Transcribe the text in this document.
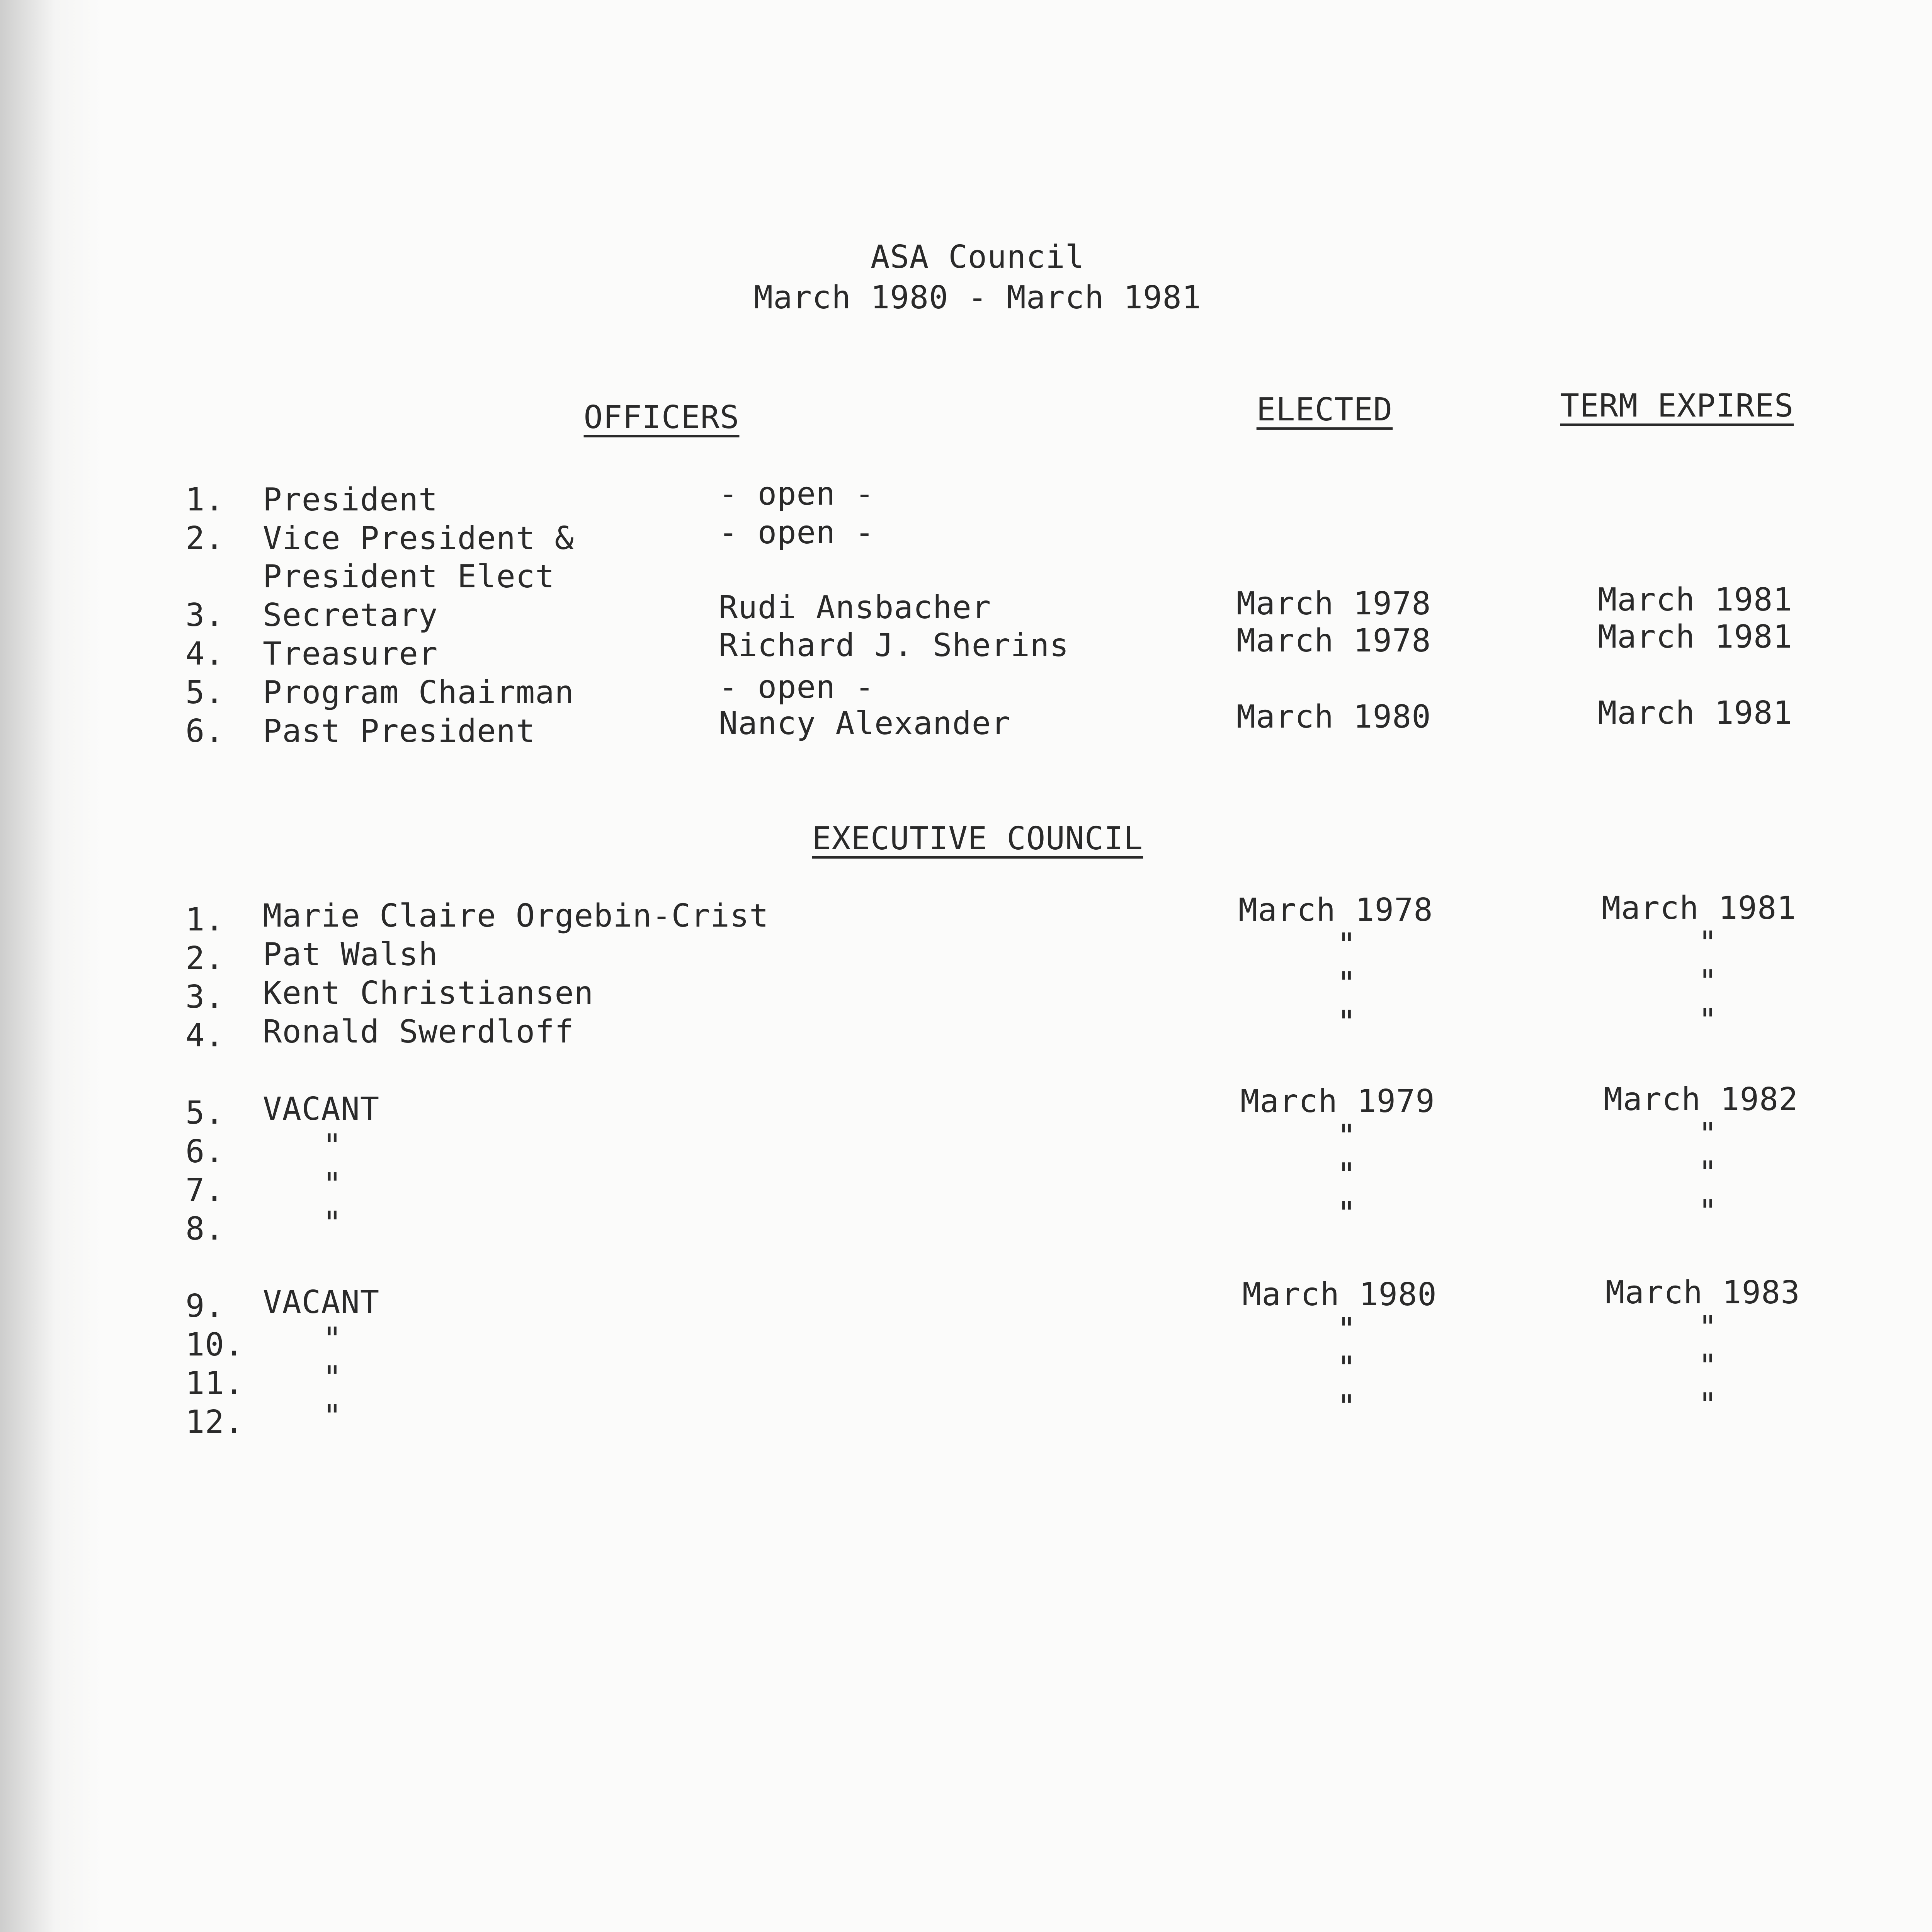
ASA Council
March 1980 - March 1981
OFFICERS	ELECTED	TERM EXPIRES
1. President	- open -
2. Vice President &	- open -
President Elect
3. Secretary	Rudi Ansbacher	March 1978	March 1981
4. Treasurer	Richard J. Sherins	March 1978	March 1981
5. Program Chairman	- open -
6. Past President	Nancy Alexander	March 1980	March 1981
EXECUTIVE COUNCIL
1. Marie Claire Orgebin-Crist	March 1978	March 1981
2. Pat Walsh	"	"
3. Kent Christiansen	"	"
4. Ronald Swerdloff	"	"
5. VACANT	March 1979	March 1982
6.	"	"	"
7.	"	"	"
8.	"	"	"
9. VACANT	March 1980	March 1983
10. "	"	"
11. "	"	"
12. "	"	"
